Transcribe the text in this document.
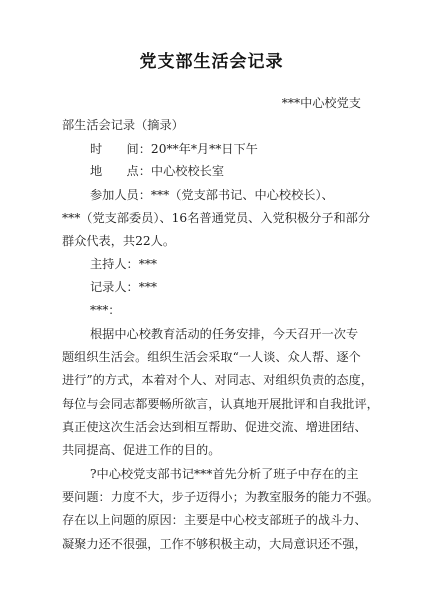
党支部生活会记录
***中心校党支
部生活会记录（摘录）
时　　间：20**年*月**日下午
地　　点：中心校校长室
参加人员：***（党支部书记、中心校校长）、
***（党支部委员）、16名普通党员、入党积极分子和部分
群众代表，共22人。
主持人：***
记录人：***
***：
根据中心校教育活动的任务安排，今天召开一次专
题组织生活会。组织生活会采取“一人谈、众人帮、逐个
进行”的方式，本着对个人、对同志、对组织负责的态度，
每位与会同志都要畅所欲言，认真地开展批评和自我批评，
真正使这次生活会达到相互帮助、促进交流、增进团结、
共同提高、促进工作的目的。
?中心校党支部书记***首先分析了班子中存在的主
要问题：力度不大，步子迈得小；为教室服务的能力不强。
存在以上问题的原因：主要是中心校支部班子的战斗力、
凝聚力还不很强，工作不够积极主动，大局意识还不强，
